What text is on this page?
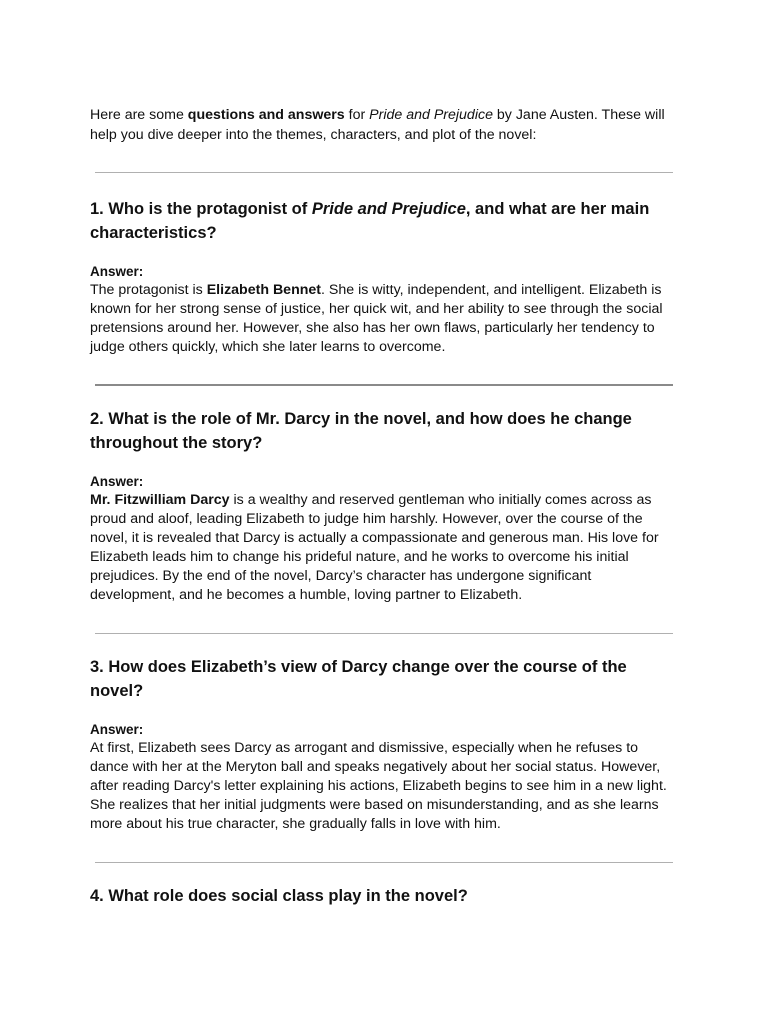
Here are some questions and answers for Pride and Prejudice by Jane Austen. These will help you dive deeper into the themes, characters, and plot of the novel:

1. Who is the protagonist of Pride and Prejudice, and what are her main characteristics?

Answer:

The protagonist is Elizabeth Bennet. She is witty, independent, and intelligent. Elizabeth is known for her strong sense of justice, her quick wit, and her ability to see through the social pretensions around her. However, she also has her own flaws, particularly her tendency to judge others quickly, which she later learns to overcome.

2. What is the role of Mr. Darcy in the novel, and how does he change throughout the story?

Answer:

Mr. Fitzwilliam Darcy is a wealthy and reserved gentleman who initially comes across as proud and aloof, leading Elizabeth to judge him harshly. However, over the course of the novel, it is revealed that Darcy is actually a compassionate and generous man. His love for Elizabeth leads him to change his prideful nature, and he works to overcome his initial prejudices. By the end of the novel, Darcy’s character has undergone significant development, and he becomes a humble, loving partner to Elizabeth.

3. How does Elizabeth’s view of Darcy change over the course of the novel?

Answer:

At first, Elizabeth sees Darcy as arrogant and dismissive, especially when he refuses to dance with her at the Meryton ball and speaks negatively about her social status. However, after reading Darcy's letter explaining his actions, Elizabeth begins to see him in a new light. She realizes that her initial judgments were based on misunderstanding, and as she learns more about his true character, she gradually falls in love with him.

4. What role does social class play in the novel?
